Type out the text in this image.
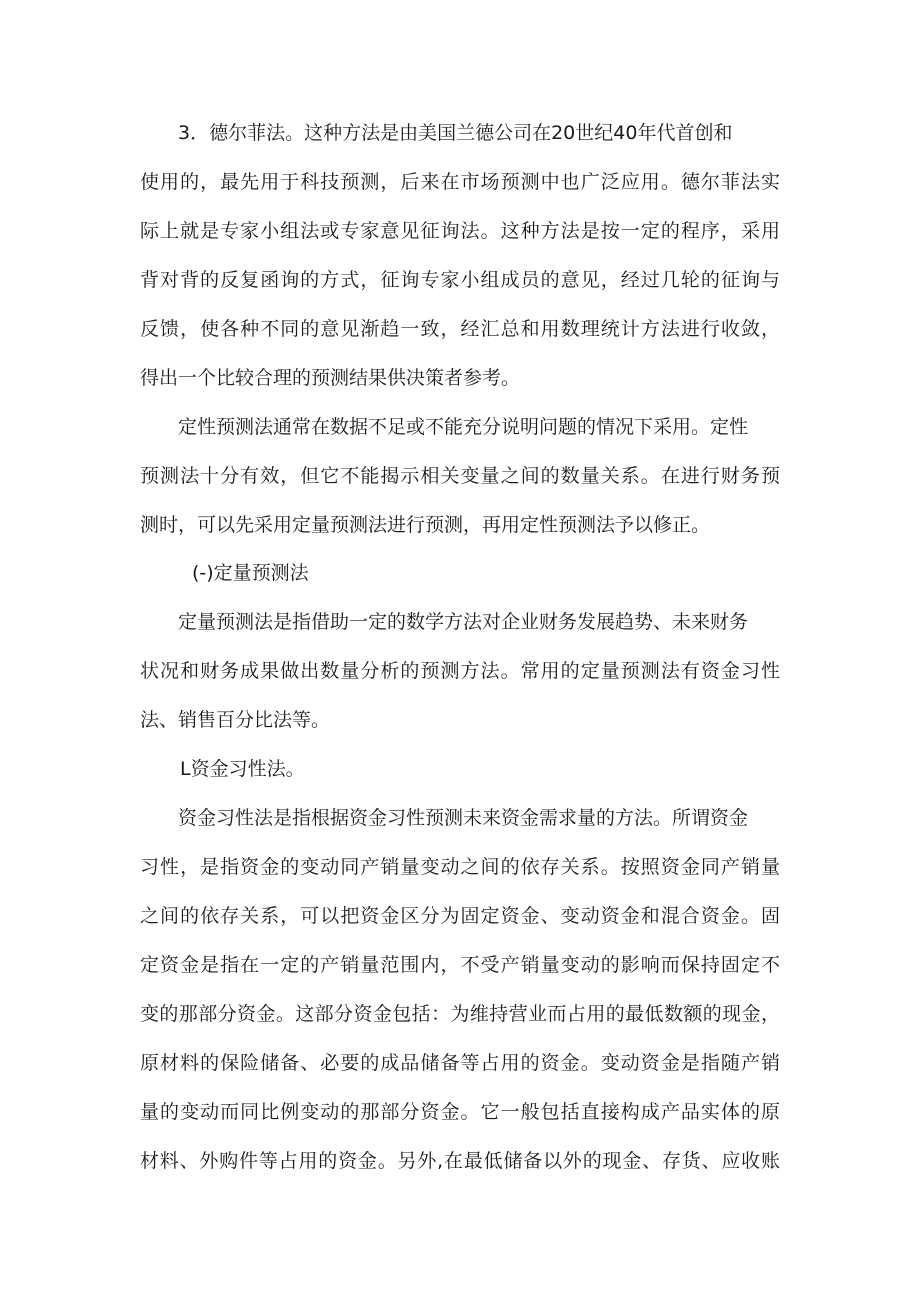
3．德尔菲法。这种方法是由美国兰德公司在20世纪40年代首创和
使用的，最先用于科技预测，后来在市场预测中也广泛应用。德尔菲法实
际上就是专家小组法或专家意见征询法。这种方法是按一定的程序，采用
背对背的反复函询的方式，征询专家小组成员的意见，经过几轮的征询与
反馈，使各种不同的意见渐趋一致，经汇总和用数理统计方法进行收敛，
得出一个比较合理的预测结果供决策者参考。
定性预测法通常在数据不足或不能充分说明问题的情况下采用。定性
预测法十分有效，但它不能揭示相关变量之间的数量关系。在进行财务预
测时，可以先采用定量预测法进行预测，再用定性预测法予以修正。
(-)定量预测法
定量预测法是指借助一定的数学方法对企业财务发展趋势、未来财务
状况和财务成果做出数量分析的预测方法。常用的定量预测法有资金习性
法、销售百分比法等。
L资金习性法。
资金习性法是指根据资金习性预测未来资金需求量的方法。所谓资金
习性，是指资金的变动同产销量变动之间的依存关系。按照资金同产销量
之间的依存关系，可以把资金区分为固定资金、变动资金和混合资金。固
定资金是指在一定的产销量范围内，不受产销量变动的影响而保持固定不
变的那部分资金。这部分资金包括：为维持营业而占用的最低数额的现金，
原材料的保险储备、必要的成品储备等占用的资金。变动资金是指随产销
量的变动而同比例变动的那部分资金。它一般包括直接构成产品实体的原
材料、外购件等占用的资金。另外,在最低储备以外的现金、存货、应收账
